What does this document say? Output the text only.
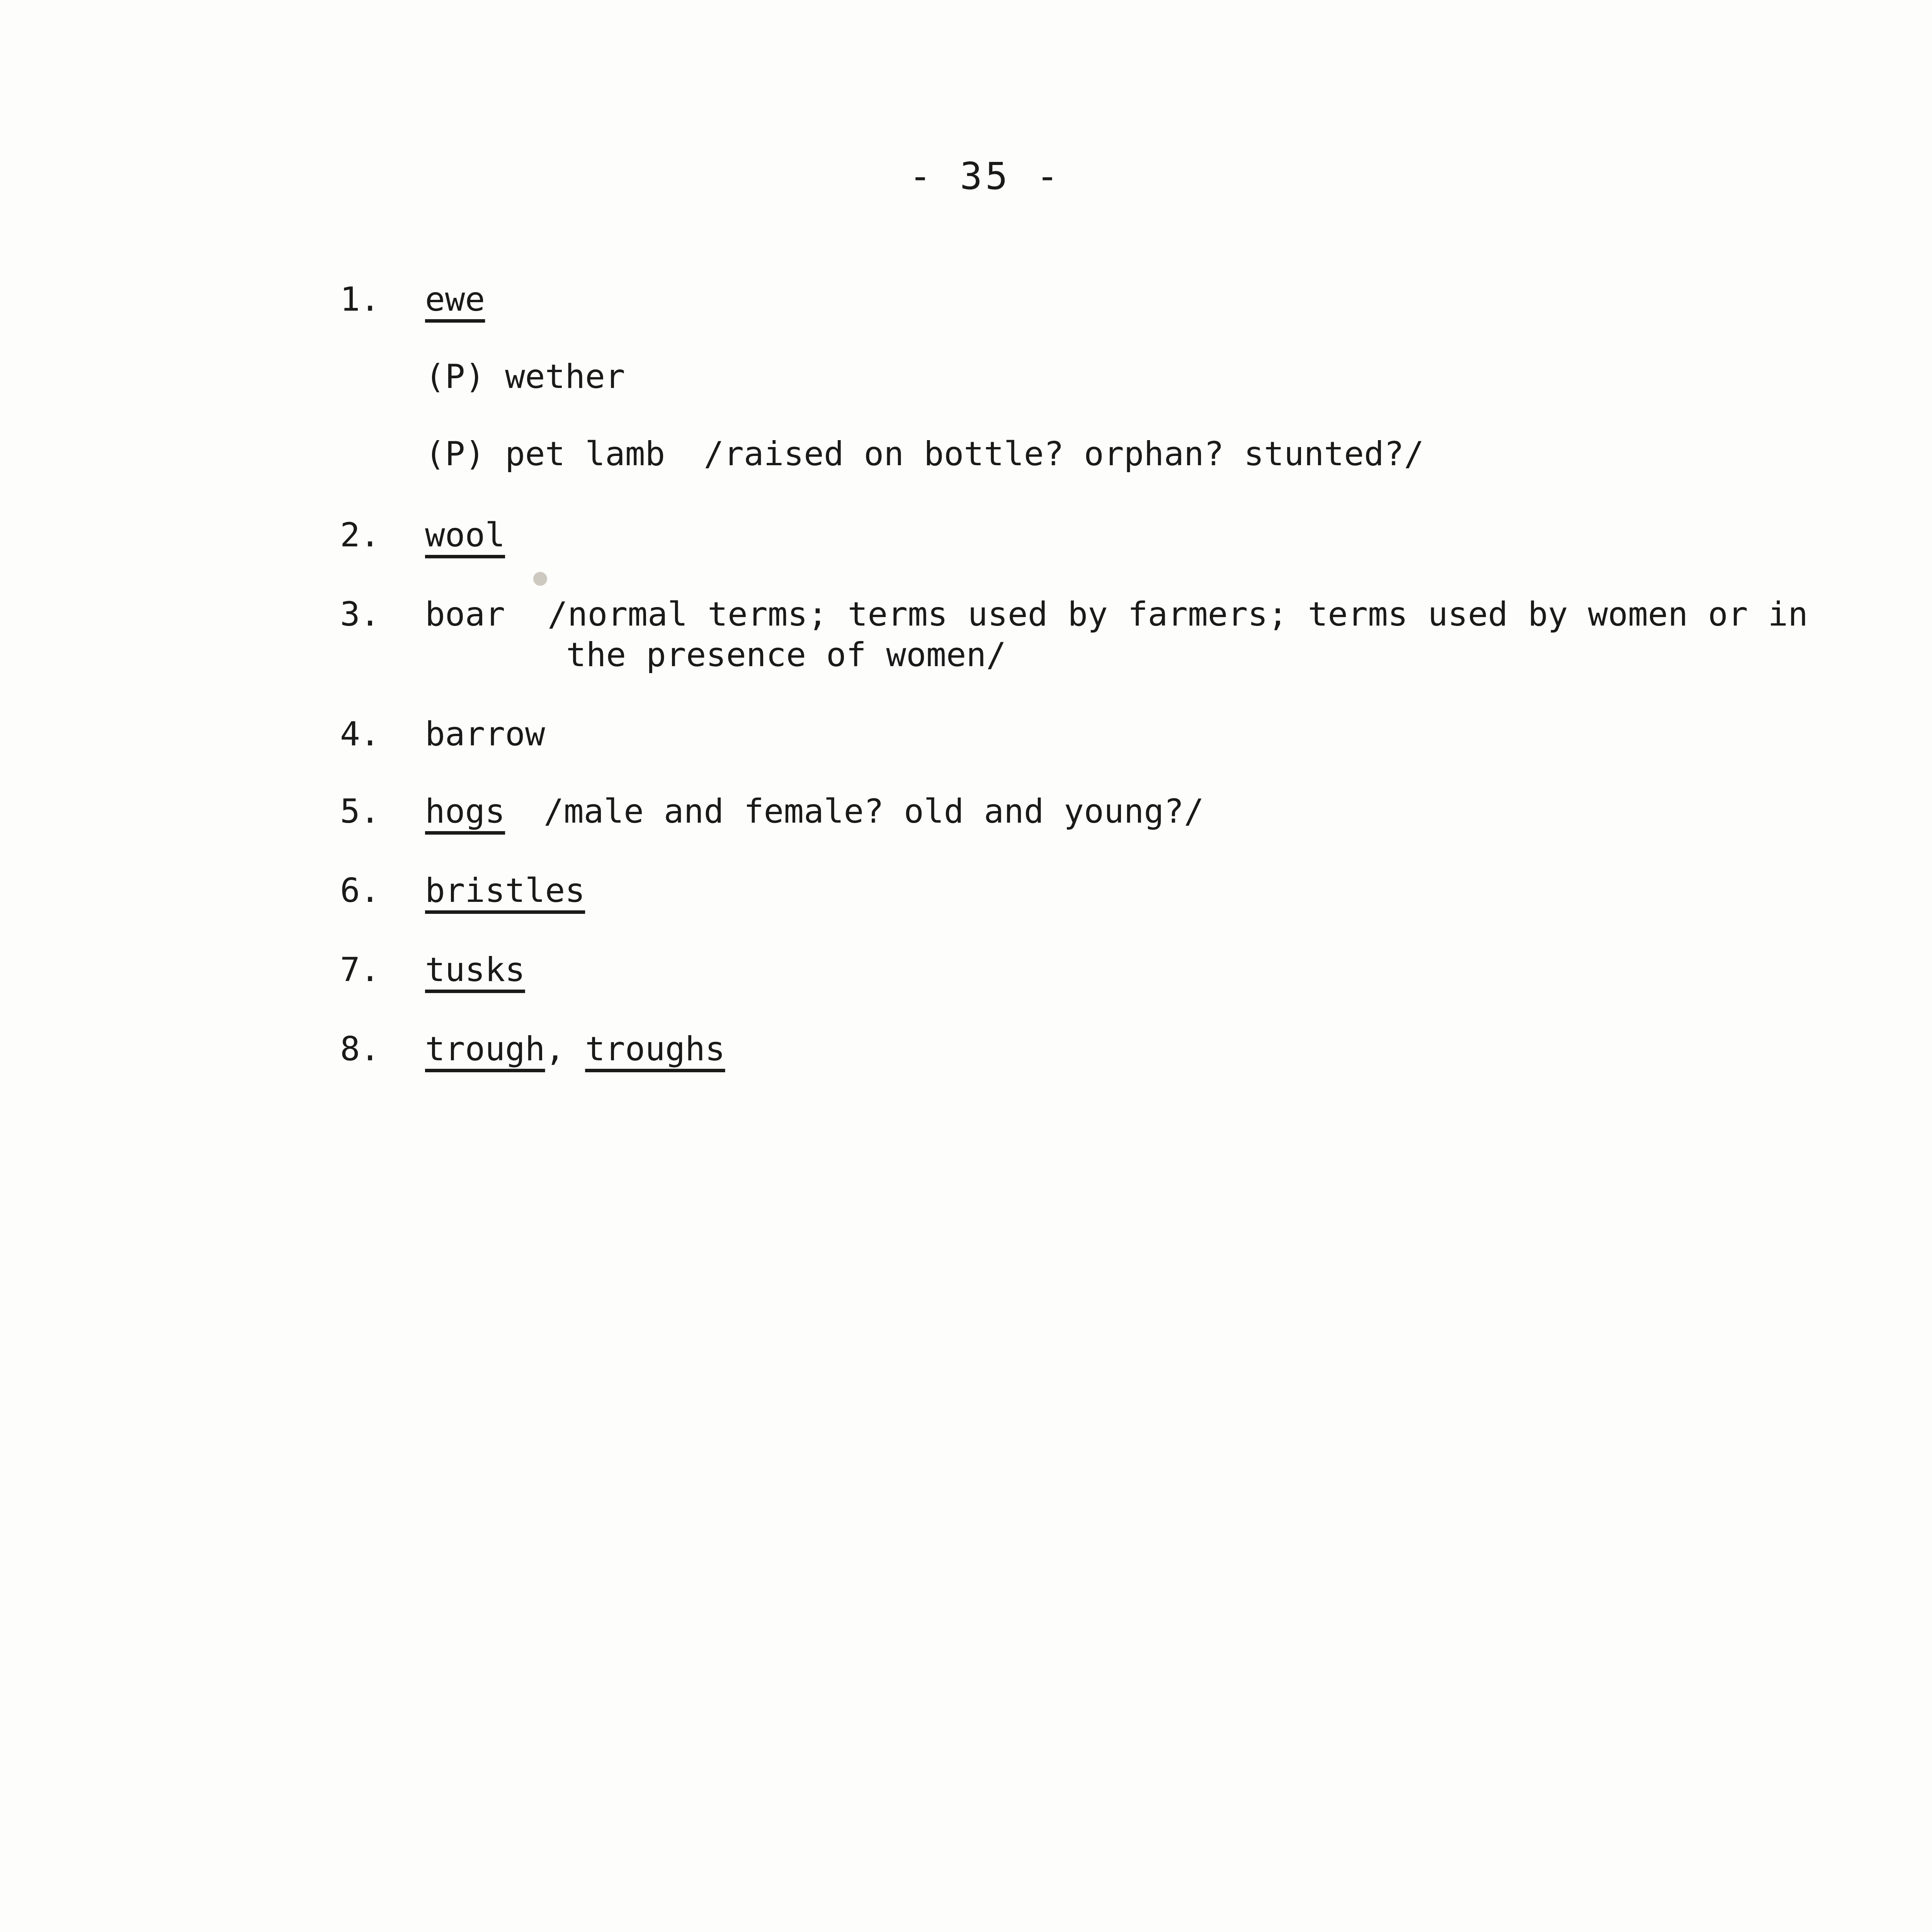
- 35 -
1. ewe
(P) wether
(P) pet lamb /raised on bottle? orphan? stunted?/
2. wool
3. boar /normal terms; terms used by farmers; terms used by women or in
the presence of women/
4. barrow
5. hogs /male and female? old and young?/
6. bristles
7. tusks
8. trough, troughs
